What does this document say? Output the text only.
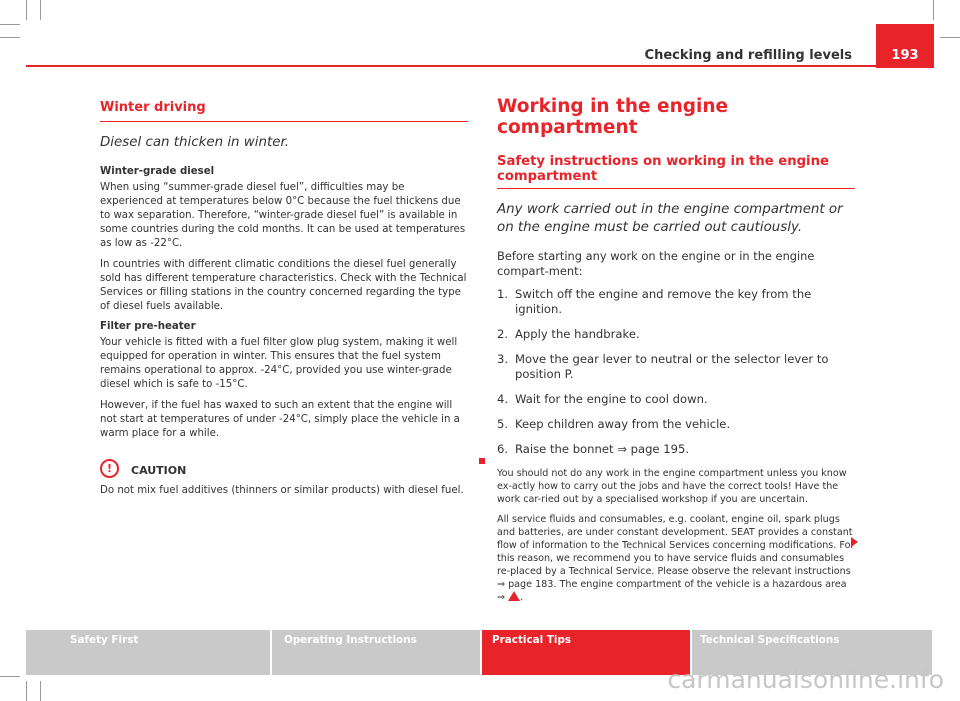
Checking and refilling levels	193
Winter driving
Diesel can thicken in winter.
Winter-grade diesel

When using “summer-grade diesel fuel”, difficulties may be experienced at temperatures below 0°C because the fuel thickens due to wax separation. Therefore, “winter-grade diesel fuel” is available in some countries during the cold months. It can be used at temperatures as low as -22°C.

In countries with different climatic conditions the diesel fuel generally sold has different temperature characteristics. Check with the Technical Services or filling stations in the country concerned regarding the type of diesel fuels available.

Filter pre-heater

Your vehicle is fitted with a fuel filter glow plug system, making it well equipped for operation in winter. This ensures that the fuel system remains operational to approx. -24°C, provided you use winter-grade diesel which is safe to -15°C.

However, if the fuel has waxed to such an extent that the engine will not start at temperatures of under -24°C, simply place the vehicle in a warm place for a while.

!	CAUTION

Do not mix fuel additives (thinners or similar products) with diesel fuel.

Working in the engine compartment
Safety instructions on working in the engine compartment
Any work carried out in the engine compartment or on the engine must be carried out cautiously.

Before starting any work on the engine or in the engine compart-ment:

1. Switch off the engine and remove the key from the ignition.
2. Apply the handbrake.
3. Move the gear lever to neutral or the selector lever to position P.
4. Wait for the engine to cool down.
5. Keep children away from the vehicle.
6. Raise the bonnet ⇒ page 195.

You should not do any work in the engine compartment unless you know ex-actly how to carry out the jobs and have the correct tools! Have the work car-ried out by a specialised workshop if you are uncertain.

All service fluids and consumables, e.g. coolant, engine oil, spark plugs and batteries, are under constant development. SEAT provides a constant flow of information to the Technical Services concerning modifications. For this reason, we recommend you to have service fluids and consumables re-placed by a Technical Service. Please observe the relevant instructions ⇒ page 183. The engine compartment of the vehicle is a hazardous area
⇒ .

Safety First	Operating Instructions	Practical Tips	Technical Specifications
carmanualsonline.info
